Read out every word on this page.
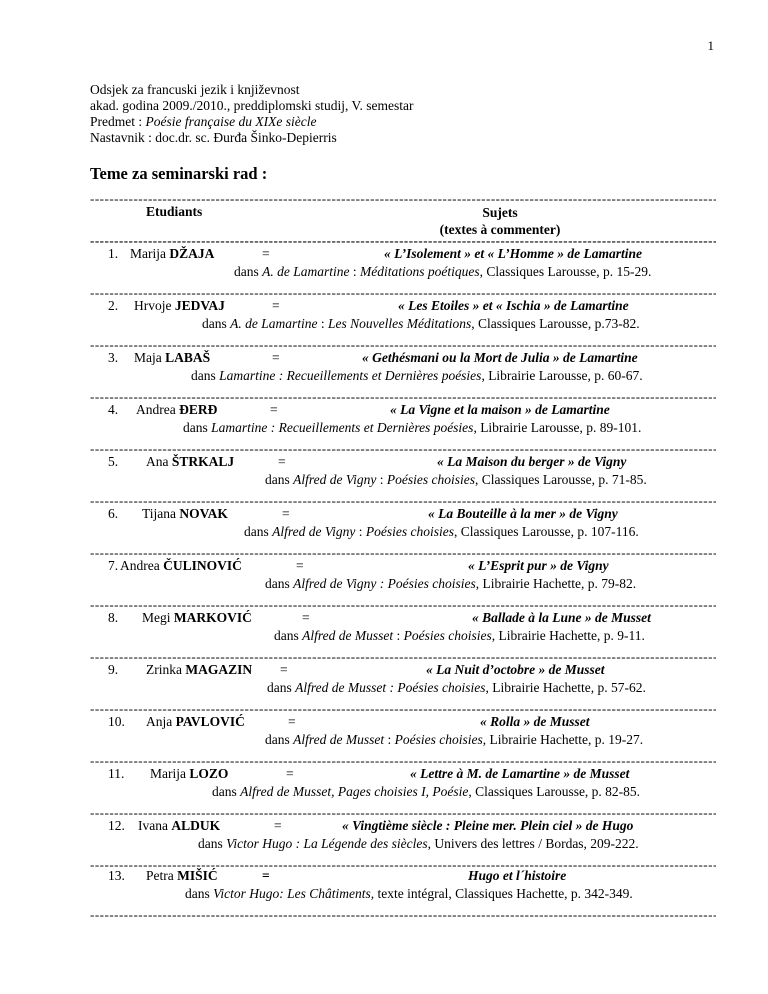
1
Odsjek za francuski jezik i književnost
akad. godina 2009./2010., preddiplomski studij, V. semestar
Predmet : Poésie française du XIXe siècle
Nastavnik : doc.dr. sc. Đurđa Šinko-Depierris
Teme za seminarski rad :
-----
Etudiants	Sujets
(textes à commenter)
-----
1. Marija DŽAJA	=	« L’Isolement » et « L’Homme » de Lamartine
dans A. de Lamartine : Méditations poétiques, Classiques Larousse, p. 15-29.
-----
2. Hrvoje JEDVAJ	=	« Les Etoiles » et « Ischia » de Lamartine
dans A. de Lamartine : Les Nouvelles Méditations, Classiques Larousse, p.73-82.
-----
3. Maja LABAŠ	=	« Gethésmani ou la Mort de Julia » de Lamartine
dans Lamartine : Recueillements et Dernières poésies, Librairie Larousse, p. 60-67.
-----
4. Andrea ĐERĐ	=	« La Vigne et la maison » de Lamartine
dans Lamartine : Recueillements et Dernières poésies, Librairie Larousse, p. 89-101.
-----
5. Ana ŠTRKALJ	=	« La Maison du berger » de Vigny
dans Alfred de Vigny : Poésies choisies, Classiques Larousse, p. 71-85.
-----
6. Tijana NOVAK	=	« La Bouteille à la mer » de Vigny
dans Alfred de Vigny : Poésies choisies, Classiques Larousse, p. 107-116.
-----
7. Andrea ČULINOVIĆ	=	« L’Esprit pur » de Vigny
dans Alfred de Vigny : Poésies choisies, Librairie Hachette, p. 79-82.
-----
8. Megi MARKOVIĆ	=	« Ballade à la Lune » de Musset
dans Alfred de Musset : Poésies choisies, Librairie Hachette, p. 9-11.
-----
9. Zrinka MAGAZIN =	« La Nuit d’octobre » de Musset
dans Alfred de Musset : Poésies choisies, Librairie Hachette, p. 57-62.
-----
10. Anja PAVLOVIĆ	=	« Rolla » de Musset
dans Alfred de Musset : Poésies choisies, Librairie Hachette, p. 19-27.
-----
11. Marija LOZO	=	« Lettre à M. de Lamartine » de Musset
dans Alfred de Musset, Pages choisies I, Poésie, Classiques Larousse, p. 82-85.
-----
12. Ivana ALDUK	=	« Vingtième siècle : Pleine mer. Plein ciel » de Hugo
dans Victor Hugo : La Légende des siècles, Univers des lettres / Bordas, 209-222.
-----
13. Petra MIŠIĆ	=	Hugo et l´histoire
dans Victor Hugo: Les Châtiments, texte intégral, Classiques Hachette, p. 342-349.
-----
